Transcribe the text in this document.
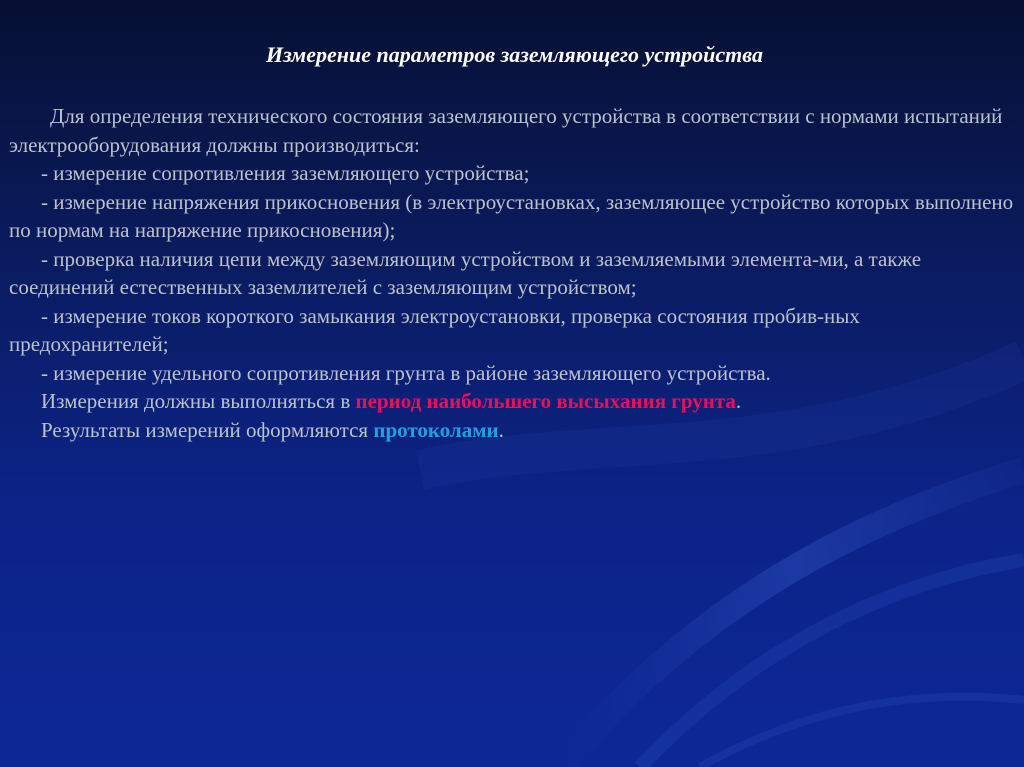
Измерение параметров заземляющего устройства

Для определения технического состояния заземляющего устройства в соответствии с нормами испытаний электрооборудования должны производиться:

- измерение сопротивления заземляющего устройства;

- измерение напряжения прикосновения (в электроустановках, заземляющее устройство которых выполнено по нормам на напряжение прикосновения);

- проверка наличия цепи между заземляющим устройством и заземляемыми элемента-ми, а также соединений естественных заземлителей с заземляющим устройством;

- измерение токов короткого замыкания электроустановки, проверка состояния пробив-ных предохранителей;

- измерение удельного сопротивления грунта в районе заземляющего устройства.

Измерения должны выполняться в период наибольшего высыхания грунта.

Результаты измерений оформляются протоколами.
